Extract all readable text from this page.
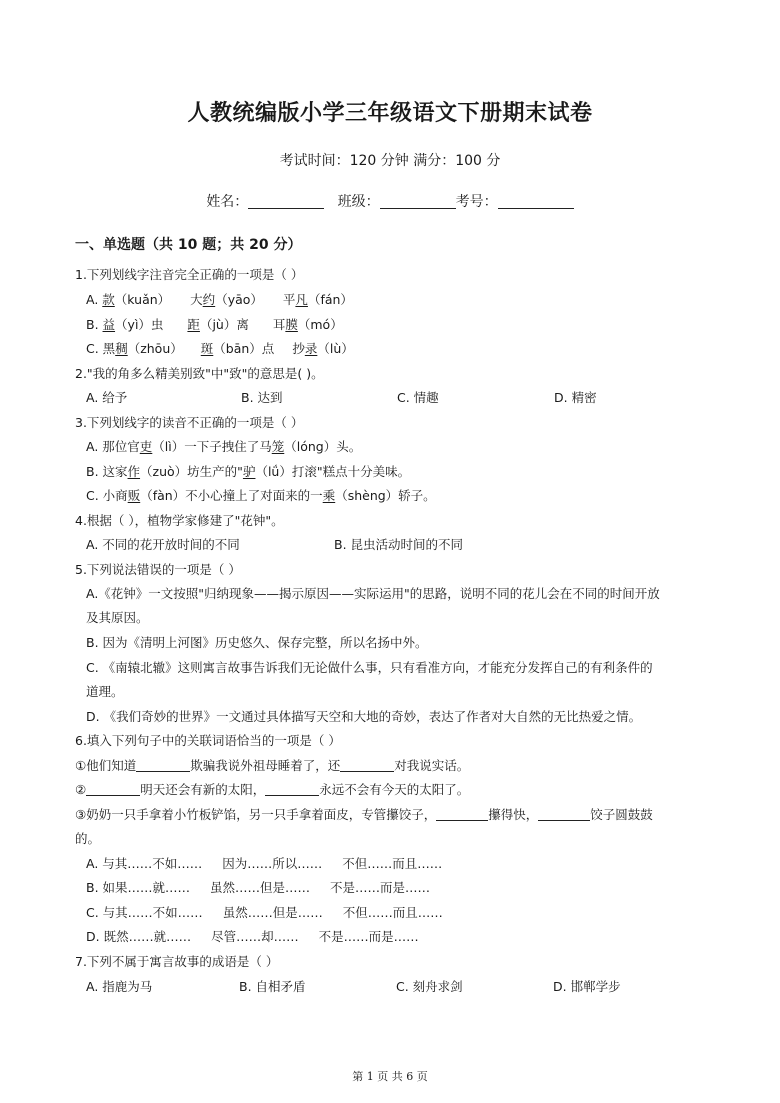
人教统编版小学三年级语文下册期末试卷
考试时间：120 分钟 满分：100 分
姓名：	班级：	考号：
一、单选题（共 10 题；共 20 分）
1.下列划线字注音完全正确的一项是（ ）
A. 款（kuǎn） 大约（yāo） 平凡（fán）
B. 益（yì）虫 距（jù）离 耳膜（mó）
C. 黑稠（zhōu） 斑（bān）点 抄录（lù）
2."我的角多么精美别致"中"致"的意思是( )。
A. 给予	B. 达到	C. 情趣	D. 精密
3.下列划线字的读音不正确的一项是（ ）
A. 那位官吏（lì）一下子拽住了马笼（lóng）头。
B. 这家作（zuò）坊生产的"驴（lǘ）打滚"糕点十分美味。
C. 小商贩（fàn）不小心撞上了对面来的一乘（shèng）轿子。
4.根据（ ），植物学家修建了"花钟"。
A. 不同的花开放时间的不同	B. 昆虫活动时间的不同
5.下列说法错误的一项是（ ）
A.《花钟》一文按照"归纳现象——揭示原因——实际运用"的思路，说明不同的花儿会在不同的时间开放
及其原因。
B. 因为《清明上河图》历史悠久、保存完整，所以名扬中外。
C. 《南辕北辙》这则寓言故事告诉我们无论做什么事，只有看准方向，才能充分发挥自己的有利条件的
道理。
D. 《我们奇妙的世界》一文通过具体描写天空和大地的奇妙，表达了作者对大自然的无比热爱之情。
6.填入下列句子中的关联词语恰当的一项是（ ）
①他们知道	欺骗我说外祖母睡着了，还	对我说实话。
②	明天还会有新的太阳，	永远不会有今天的太阳了。
③奶奶一只手拿着小竹板铲馅，另一只手拿着面皮，专管攥饺子，	攥得快，	饺子圆鼓鼓
的。
A. 与其……不如…… 因为……所以…… 不但……而且……
B. 如果……就…… 虽然……但是…… 不是……而是……
C. 与其……不如…… 虽然……但是…… 不但……而且……
D. 既然……就…… 尽管……却…… 不是……而是……
7.下列不属于寓言故事的成语是（ ）
A. 指鹿为马	B. 自相矛盾	C. 刻舟求剑	D. 邯郸学步
第 1 页 共 6 页
